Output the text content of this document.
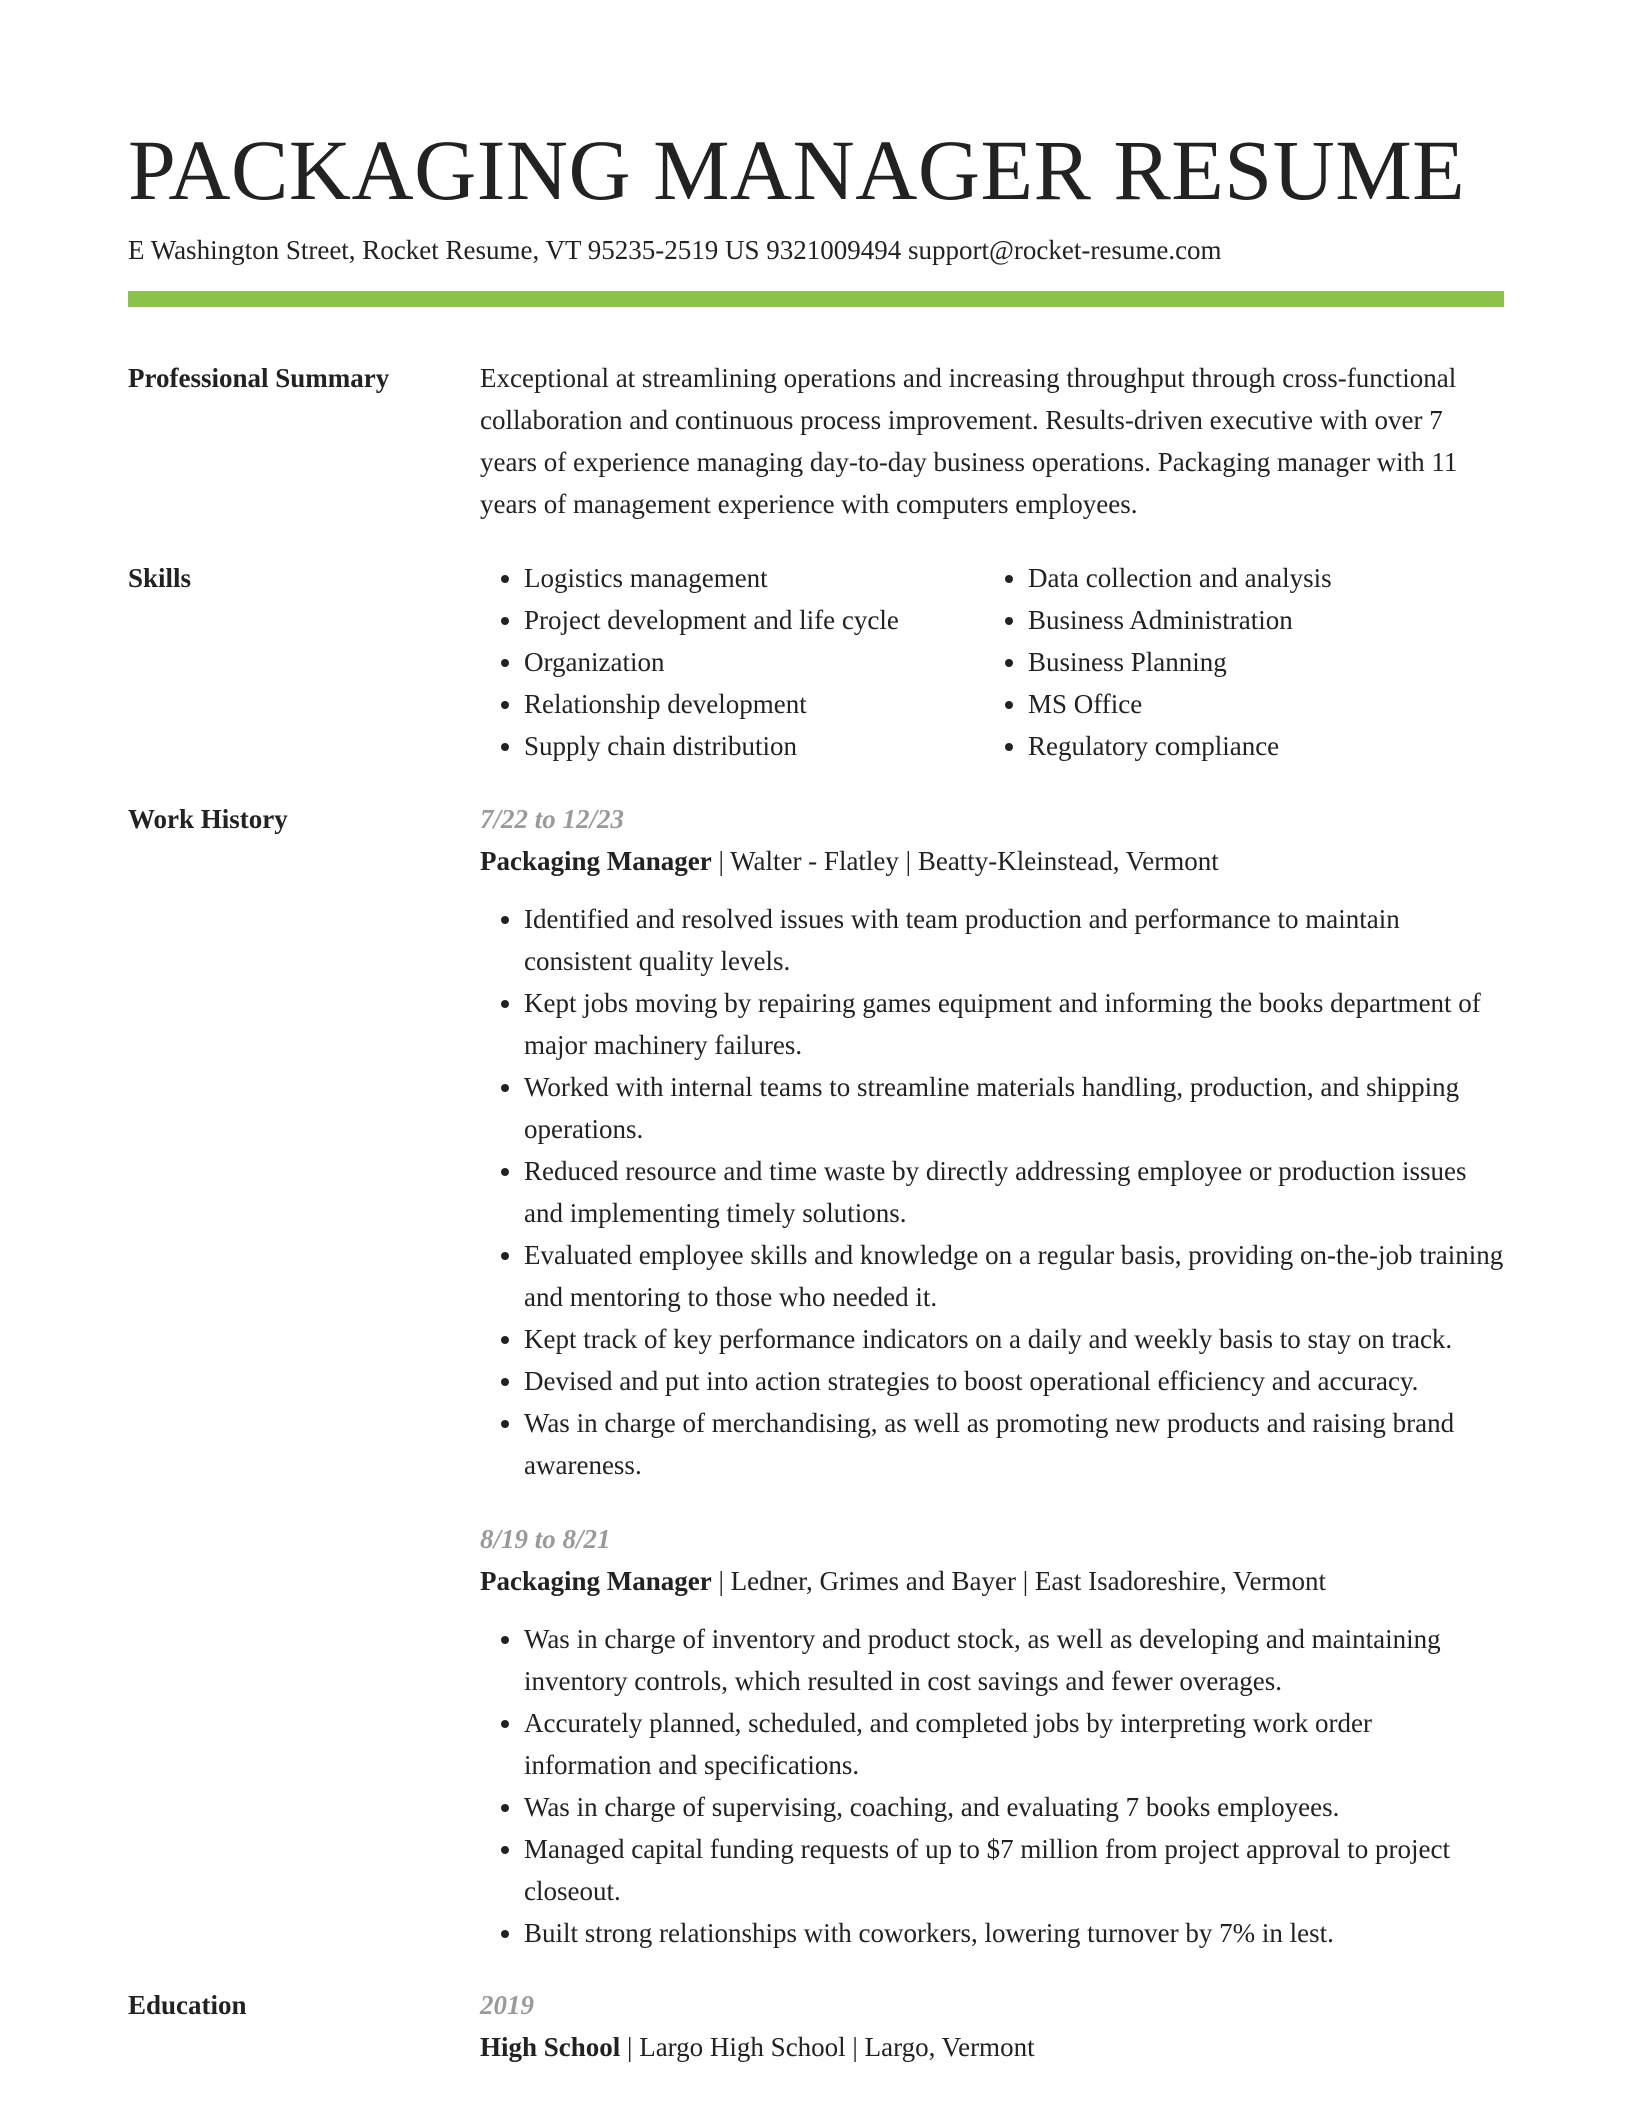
PACKAGING MANAGER RESUME
E Washington Street, Rocket Resume, VT 95235-2519 US 9321009494 support@rocket-resume.com
Professional Summary	Exceptional at streamlining operations and increasing throughput through cross-functional collaboration and continuous process improvement. Results-driven executive with over 7 years of experience managing day-to-day business operations. Packaging manager with 11 years of management experience with computers employees.

Skills
•	Logistics management
• Project development and life cycle
• Organization
• Relationship development
• Supply chain distribution
• Data collection and analysis
• Business Administration
• Business Planning
• MS Office
• Regulatory compliance
Work History	7/22 to 12/23
Packaging Manager | Walter - Flatley | Beatty-Kleinstead, Vermont
• Identified and resolved issues with team production and performance to maintain consistent quality levels.
• Kept jobs moving by repairing games equipment and informing the books department of major machinery failures.
• Worked with internal teams to streamline materials handling, production, and shipping operations.
• Reduced resource and time waste by directly addressing employee or production issues and implementing timely solutions.
• Evaluated employee skills and knowledge on a regular basis, providing on-the-job training and mentoring to those who needed it.
• Kept track of key performance indicators on a daily and weekly basis to stay on track.
• Devised and put into action strategies to boost operational efficiency and accuracy.
• Was in charge of merchandising, as well as promoting new products and raising brand awareness.
8/19 to 8/21
Packaging Manager | Ledner, Grimes and Bayer | East Isadoreshire, Vermont
• Was in charge of inventory and product stock, as well as developing and maintaining inventory controls, which resulted in cost savings and fewer overages.
• Accurately planned, scheduled, and completed jobs by interpreting work order information and specifications.
• Was in charge of supervising, coaching, and evaluating 7 books employees.
• Managed capital funding requests of up to $7 million from project approval to project closeout.
• Built strong relationships with coworkers, lowering turnover by 7% in lest.
Education	2019
High School | Largo High School | Largo, Vermont
